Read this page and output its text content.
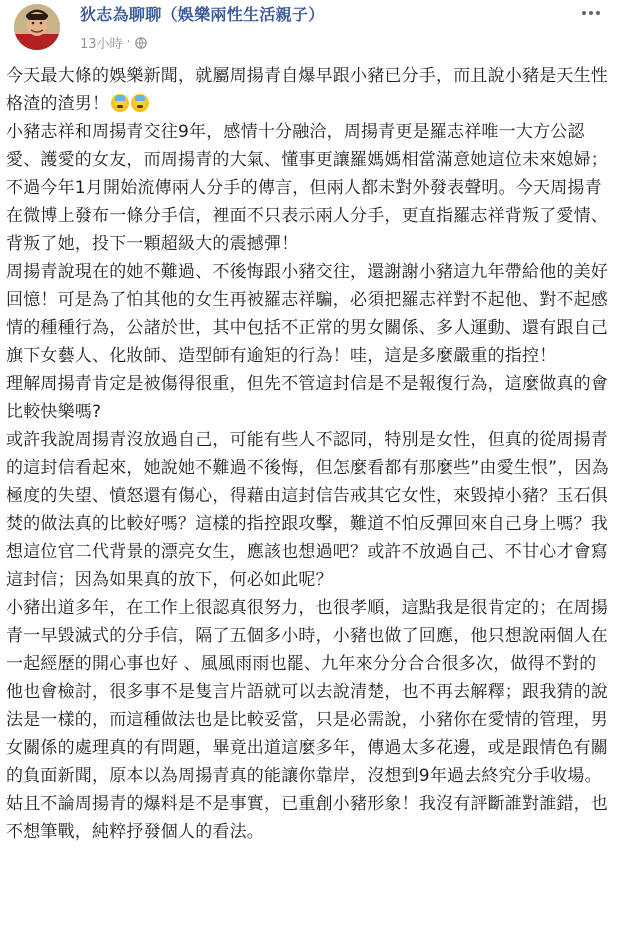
狄志為聊聊（娛樂兩性生活親子）
13小時 ·

今天最大條的娛樂新聞，就屬周揚青自爆早跟小豬已分手，而且說小豬是天生性格渣的渣男！

小豬志祥和周揚青交往9年，感情十分融洽，周揚青更是羅志祥唯一大方公認愛、護愛的女友，而周揚青的大氣、懂事更讓羅媽媽相當滿意她這位未來媳婦；不過今年1月開始流傳兩人分手的傳言，但兩人都未對外發表聲明。今天周揚青在微博上發布一條分手信，裡面不只表示兩人分手，更直指羅志祥背叛了愛情、背叛了她，投下一顆超級大的震撼彈！

周揚青說現在的她不難過、不後悔跟小豬交往，還謝謝小豬這九年帶給他的美好回憶！可是為了怕其他的女生再被羅志祥騙，必須把羅志祥對不起他、對不起感情的種種行為，公諸於世，其中包括不正常的男女關係、多人運動、還有跟自己旗下女藝人、化妝師、造型師有逾矩的行為！哇，這是多麼嚴重的指控！

理解周揚青肯定是被傷得很重，但先不管這封信是不是報復行為，這麼做真的會比較快樂嗎?

或許我說周揚青沒放過自己，可能有些人不認同，特別是女性，但真的從周揚青的這封信看起來，她說她不難過不後悔，但怎麼看都有那麼些”由愛生恨”，因為極度的失望、憤怒還有傷心，得藉由這封信告戒其它女性，來毀掉小豬？玉石俱焚的做法真的比較好嗎？這樣的指控跟攻擊，難道不怕反彈回來自己身上嗎？我想這位官二代背景的漂亮女生，應該也想過吧？或許不放過自己、不甘心才會寫這封信；因為如果真的放下，何必如此呢？

小豬出道多年，在工作上很認真很努力，也很孝順，這點我是很肯定的；在周揚青一早毀滅式的分手信，隔了五個多小時，小豬也做了回應，他只想說兩個人在一起經歷的開心事也好 、風風雨雨也罷、九年來分分合合很多次，做得不對的他也會檢討，很多事不是隻言片語就可以去說清楚，也不再去解釋；跟我猜的說法是一樣的，而這種做法也是比較妥當，只是必需說，小豬你在愛情的管理，男女關係的處理真的有問題，畢竟出道這麼多年，傳過太多花邊，或是跟情色有關的負面新聞，原本以為周揚青真的能讓你靠岸，沒想到9年過去終究分手收場。

姑且不論周揚青的爆料是不是事實，已重創小豬形象！我沒有評斷誰對誰錯，也不想筆戰，純粹抒發個人的看法。
